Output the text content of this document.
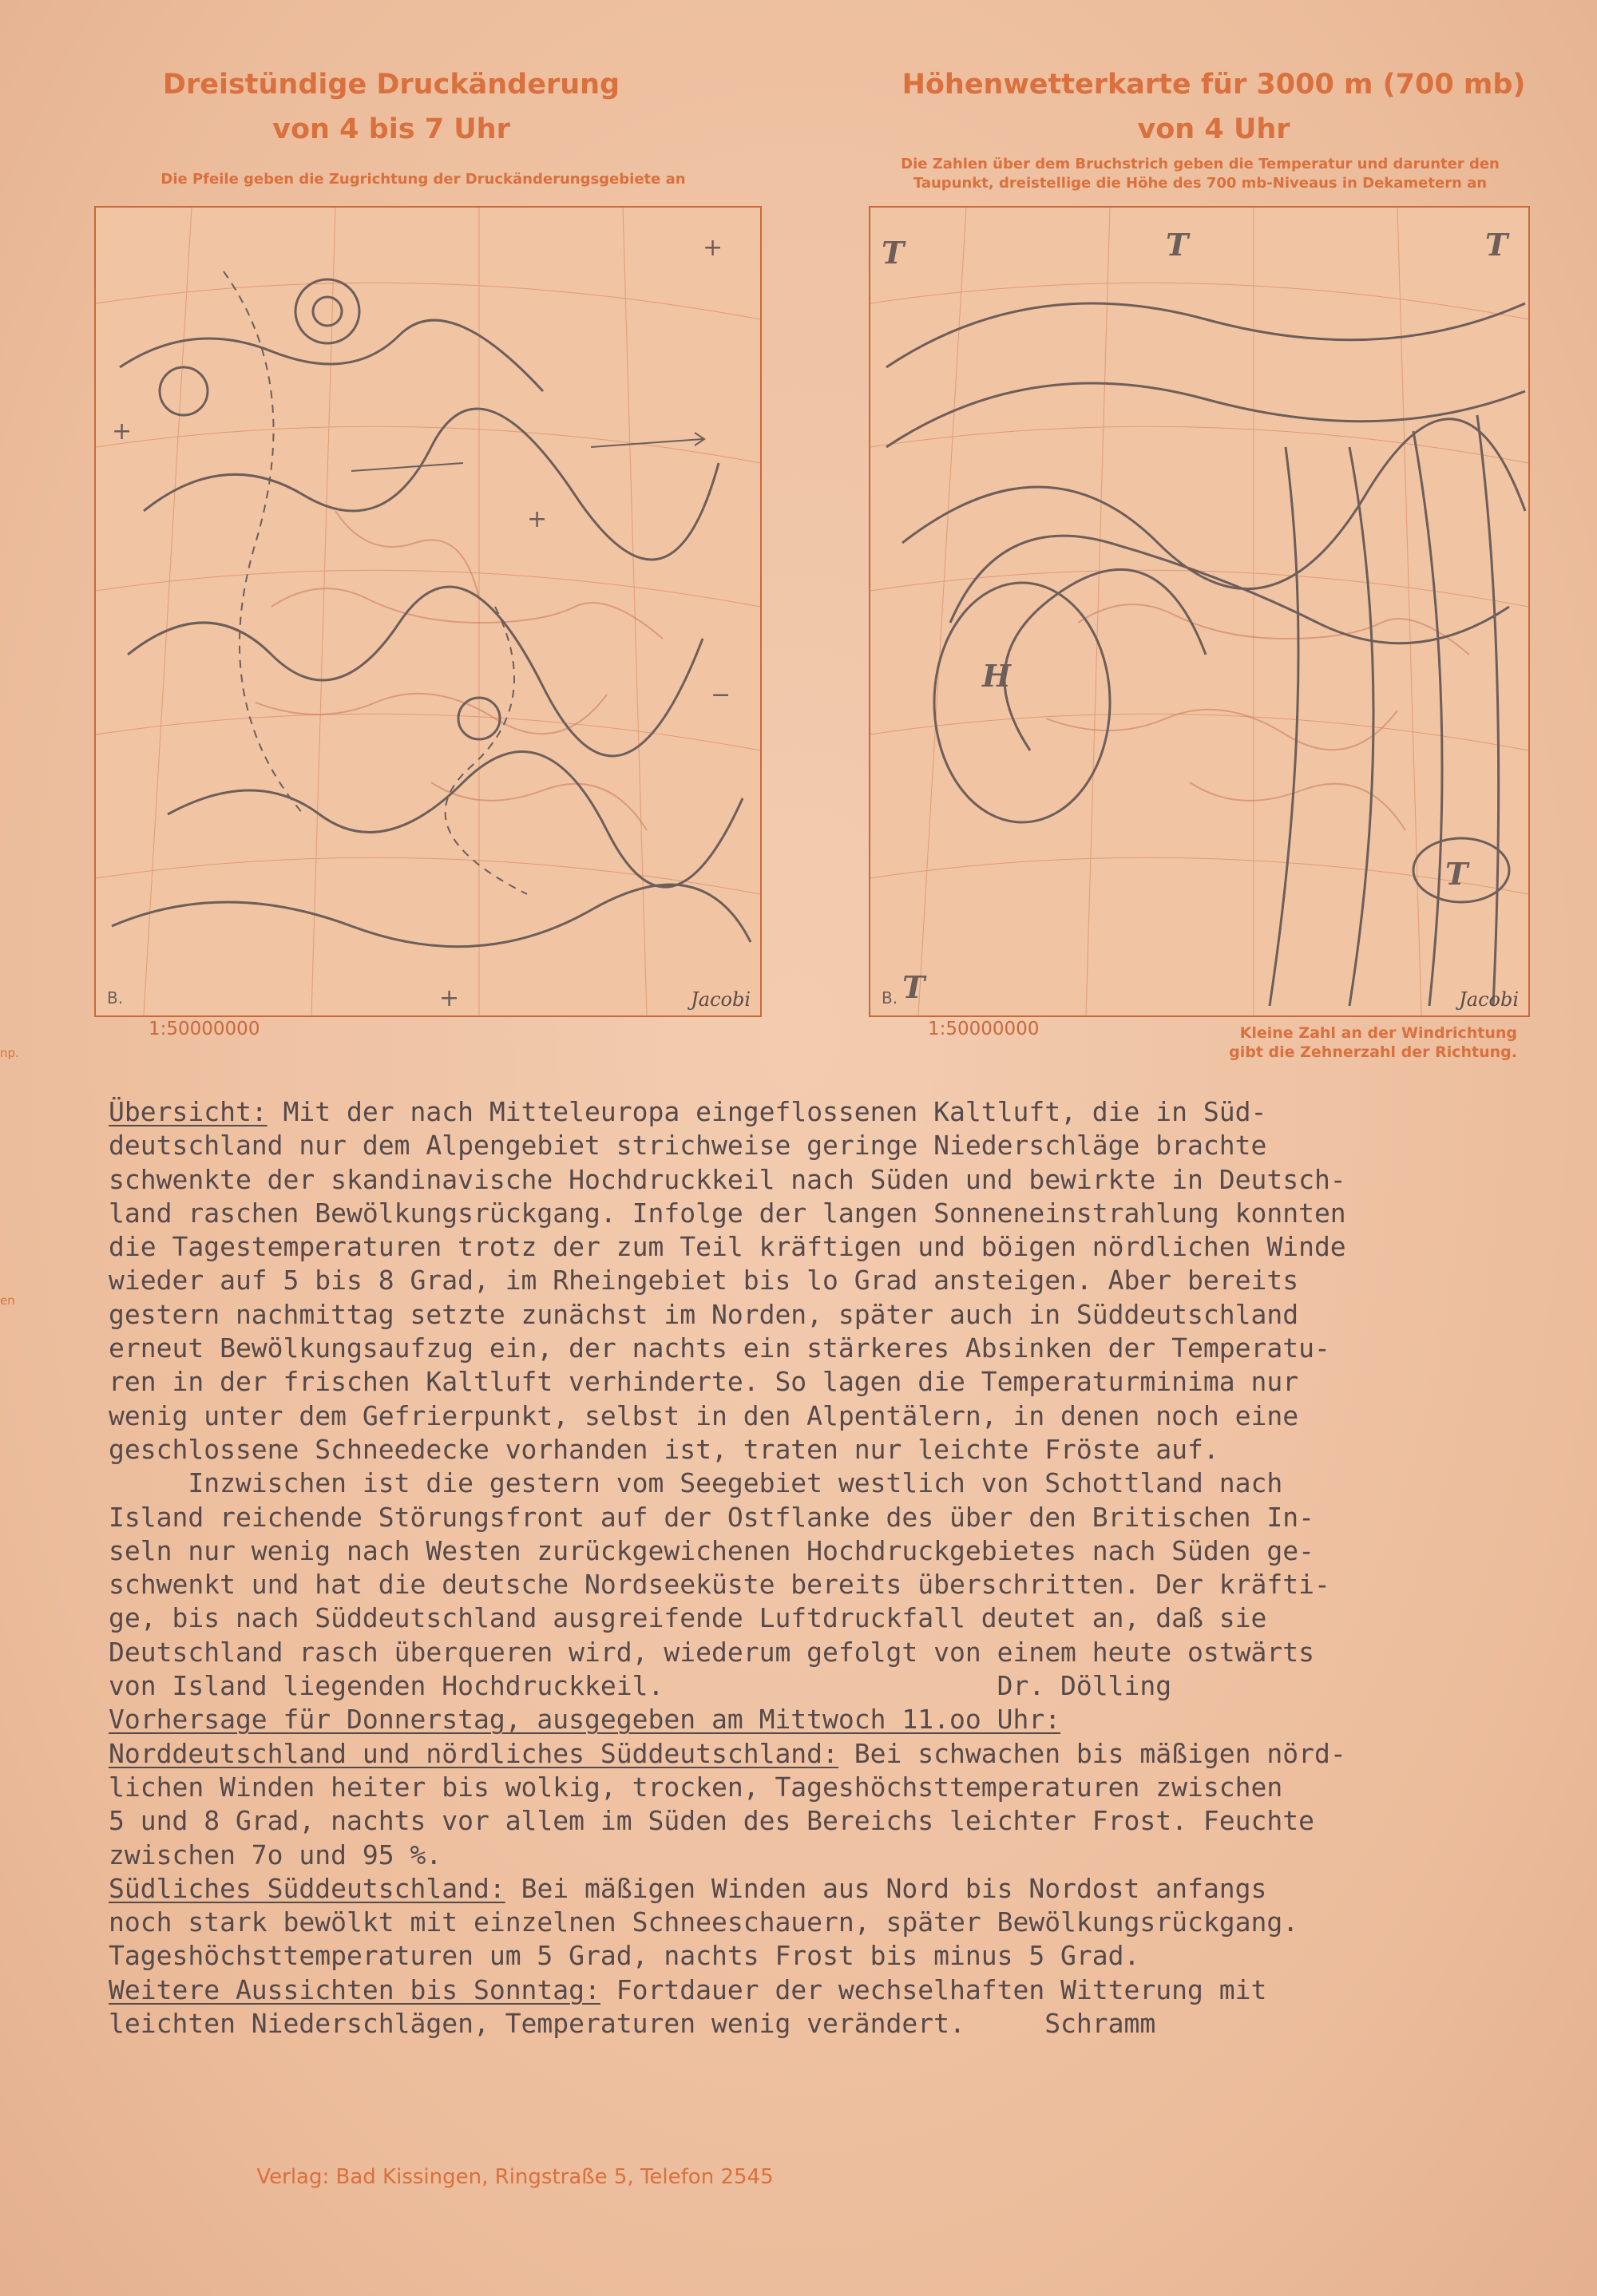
Dreistündige Druckänderung
von 4 bis 7 Uhr
Die Pfeile geben die Zugrichtung der Druckänderungsgebiete an
Höhenwetterkarte für 3000 m (700 mb)
von 4 Uhr
Die Zahlen über dem Bruchstrich geben die Temperatur und darunter den
Taupunkt, dreistellige die Höhe des 700 mb-Niveaus in Dekametern an
+
+
+
−
+
B.	Jacobi
H
T	T	T
T
T
B.	Jacobi
1:50000000	1:50000000	Kleine Zahl an der Windrichtung
gibt die Zehnerzahl der Richtung.
np.
en
Übersicht: Mit der nach Mitteleuropa eingeflossenen Kaltluft, die in Süd-
deutschland nur dem Alpengebiet strichweise geringe Niederschläge brachte
schwenkte der skandinavische Hochdruckkeil nach Süden und bewirkte in Deutsch-
land raschen Bewölkungsrückgang. Infolge der langen Sonneneinstrahlung konnten
die Tagestemperaturen trotz der zum Teil kräftigen und böigen nördlichen Winde
wieder auf 5 bis 8 Grad, im Rheingebiet bis lo Grad ansteigen. Aber bereits
gestern nachmittag setzte zunächst im Norden, später auch in Süddeutschland
erneut Bewölkungsaufzug ein, der nachts ein stärkeres Absinken der Temperatu-
ren in der frischen Kaltluft verhinderte. So lagen die Temperaturminima nur
wenig unter dem Gefrierpunkt, selbst in den Alpentälern, in denen noch eine
geschlossene Schneedecke vorhanden ist, traten nur leichte Fröste auf.
Inzwischen ist die gestern vom Seegebiet westlich von Schottland nach
Island reichende Störungsfront auf der Ostflanke des über den Britischen In-
seln nur wenig nach Westen zurückgewichenen Hochdruckgebietes nach Süden ge-
schwenkt und hat die deutsche Nordseeküste bereits überschritten. Der kräfti-
ge, bis nach Süddeutschland ausgreifende Luftdruckfall deutet an, daß sie
Deutschland rasch überqueren wird, wiederum gefolgt von einem heute ostwärts
von Island liegenden Hochdruckkeil.                     Dr. Dölling
Vorhersage für Donnerstag, ausgegeben am Mittwoch 11.oo Uhr:
Norddeutschland und nördliches Süddeutschland: Bei schwachen bis mäßigen nörd-
lichen Winden heiter bis wolkig, trocken, Tageshöchsttemperaturen zwischen
5 und 8 Grad, nachts vor allem im Süden des Bereichs leichter Frost. Feuchte
zwischen 7o und 95 %.
Südliches Süddeutschland: Bei mäßigen Winden aus Nord bis Nordost anfangs
noch stark bewölkt mit einzelnen Schneeschauern, später Bewölkungsrückgang.
Tageshöchsttemperaturen um 5 Grad, nachts Frost bis minus 5 Grad.
Weitere Aussichten bis Sonntag: Fortdauer der wechselhaften Witterung mit
leichten Niederschlägen, Temperaturen wenig verändert.     Schramm
Verlag: Bad Kissingen, Ringstraße 5, Telefon 2545
